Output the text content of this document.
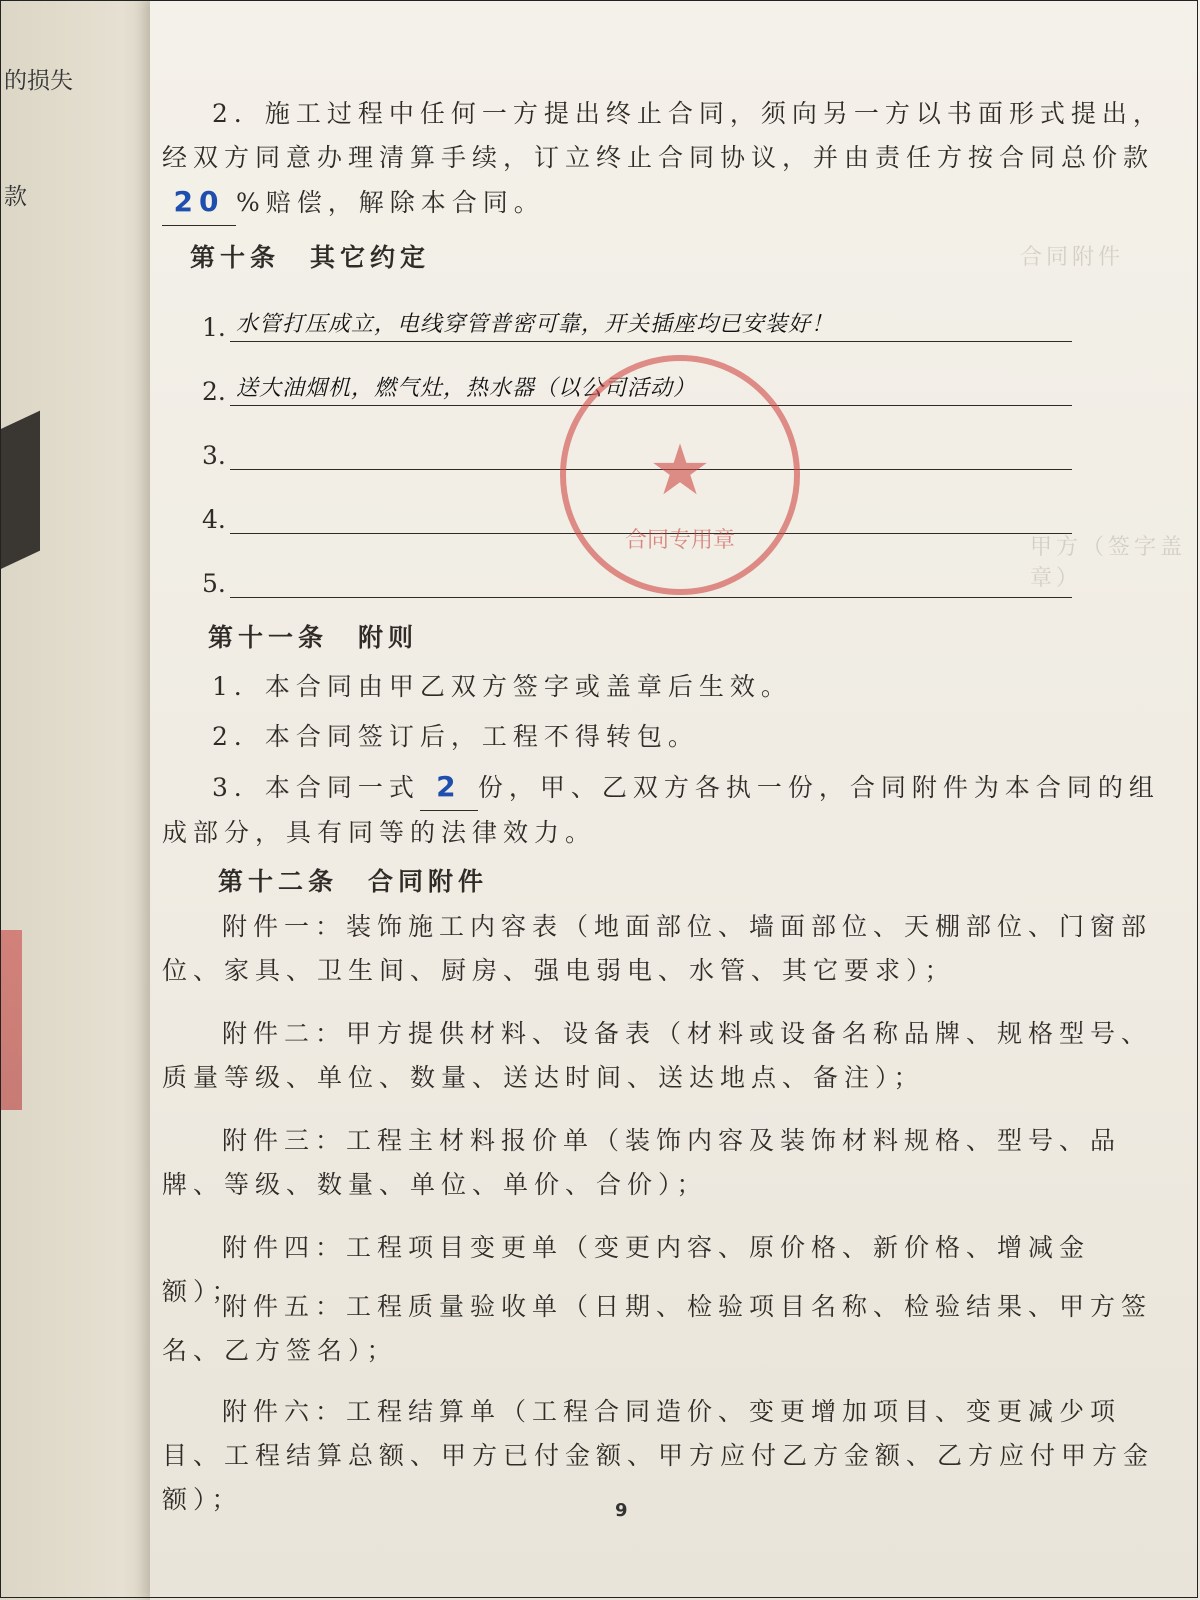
的损失
款
合同附件
甲方（签字盖章）
2．施工过程中任何一方提出终止合同，须向另一方以书面形式提出，经双方同意办理清算手续，订立终止合同协议，并由责任方按合同总价款20 %赔偿，解除本合同。
第十条　其它约定
1. 水管打压成立，电线穿管普密可靠，开关插座均已安装好！
2. 送大油烟机，燃气灶，热水器（以公司活动）
3.
4.
5.
★
合同专用章
第十一条　附则
1．本合同由甲乙双方签字或盖章后生效。
2．本合同签订后，工程不得转包。
3．本合同一式 2 份，甲、乙双方各执一份，合同附件为本合同的组成部分，具有同等的法律效力。
第十二条　合同附件
附件一：装饰施工内容表（地面部位、墙面部位、天棚部位、门窗部位、家具、卫生间、厨房、强电弱电、水管、其它要求）；
附件二：甲方提供材料、设备表（材料或设备名称品牌、规格型号、质量等级、单位、数量、送达时间、送达地点、备注）；
附件三：工程主材料报价单（装饰内容及装饰材料规格、型号、品牌、等级、数量、单位、单价、合价）；
附件四：工程项目变更单（变更内容、原价格、新价格、增减金额）；
附件五：工程质量验收单（日期、检验项目名称、检验结果、甲方签名、乙方签名）；
附件六：工程结算单（工程合同造价、变更增加项目、变更减少项目、工程结算总额、甲方已付金额、甲方应付乙方金额、乙方应付甲方金额）；	9
